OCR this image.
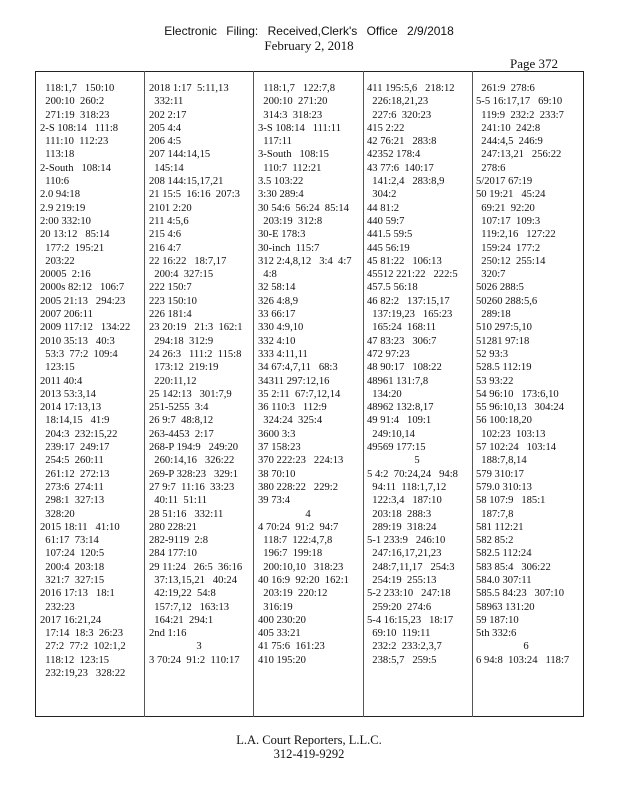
Electronic Filing: Received,Clerk's Office 2/9/2018
February 2, 2018
Page 372
118:1,7   150:10
200:10  260:2
271:19  318:23
2-S 108:14   111:8
111:10  112:23
113:18
2-South   108:14
110:6
2.0 94:18
2.9 219:19
2:00 332:10
20 13:12   85:14
177:2  195:21
203:22
20005  2:16
2000s 82:12   106:7
2005 21:13   294:23
2007 206:11
2009 117:12   134:22
2010 35:13   40:3
53:3  77:2  109:4
123:15
2011 40:4
2013 53:3,14
2014 17:13,13
18:14,15   41:9
204:3  232:15,22
239:17  249:17
254:5  260:11
261:12  272:13
273:6  274:11
298:1  327:13
328:20
2015 18:11   41:10
61:17  73:14
107:24  120:5
200:4  203:18
321:7  327:15
2016 17:13   18:1
232:23
2017 16:21,24
17:14  18:3  26:23
27:2  77:2  102:1,2
118:12  123:15
232:19,23   328:22
2018 1:17  5:11,13
332:11
202 2:17
205 4:4
206 4:5
207 144:14,15
145:14
208 144:15,17,21
21 15:5  16:16  207:3
2101 2:20
211 4:5,6
215 4:6
216 4:7
22 16:22   18:7,17
200:4  327:15
222 150:7
223 150:10
226 181:4
23 20:19   21:3  162:1
294:18  312:9
24 26:3   111:2  115:8
173:12  219:19
220:11,12
25 142:13   301:7,9
251-5255  3:4
26 9:7  48:8,12
263-4453  2:17
268-P 194:9   249:20
260:14,16   326:22
269-P 328:23   329:1
27 9:7  11:16  33:23
40:11  51:11
28 51:16   332:11
280 228:21
282-9119  2:8
284 177:10
29 11:24   26:5  36:16
37:13,15,21   40:24
42:19,22  54:8
157:7,12   163:13
164:21  294:1
2nd 1:16
3
3 70:24  91:2  110:17
118:1,7   122:7,8
200:10  271:20
314:3  318:23
3-S 108:14   111:11
117:11
3-South   108:15
110:7  112:21
3.5 103:22
3:30 289:4
30 54:6  56:24  85:14
203:19  312:8
30-E 178:3
30-inch  115:7
312 2:4,8,12   3:4  4:7
4:8
32 58:14
326 4:8,9
33 66:17
330 4:9,10
332 4:10
333 4:11,11
34 67:4,7,11   68:3
34311 297:12,16
35 2:11  67:7,12,14
36 110:3   112:9
324:24  325:4
3600 3:3
37 158:23
370 222:23   224:13
38 70:10
380 228:22   229:2
39 73:4
4
4 70:24  91:2  94:7
118:7  122:4,7,8
196:7  199:18
200:10,10   318:23
40 16:9  92:20  162:1
203:19  220:12
316:19
400 230:20
405 33:21
41 75:6  161:23
410 195:20
411 195:5,6   218:12
226:18,21,23
227:6  320:23
415 2:22
42 76:21   283:8
42352 178:4
43 77:6  140:17
141:2,4   283:8,9
304:2
44 81:2
440 59:7
441.5 59:5
445 56:19
45 81:22   106:13
45512 221:22   222:5
457.5 56:18
46 82:2   137:15,17
137:19,23   165:23
165:24  168:11
47 83:23   306:7
472 97:23
48 90:17   108:22
48961 131:7,8
134:20
48962 132:8,17
49 91:4   109:1
249:10,14
49569 177:15
5
5 4:2  70:24,24   94:8
94:11  118:1,7,12
122:3,4   187:10
203:18  288:3
289:19  318:24
5-1 233:9   246:10
247:16,17,21,23
248:7,11,17   254:3
254:19  255:13
5-2 233:10   247:18
259:20  274:6
5-4 16:15,23   18:17
69:10  119:11
232:2  233:2,3,7
238:5,7   259:5
261:9  278:6
5-5 16:17,17   69:10
119:9  232:2  233:7
241:10  242:8
244:4,5  246:9
247:13,21   256:22
278:6
5/2017 67:19
50 19:21   45:24
69:21  92:20
107:17  109:3
119:2,16   127:22
159:24  177:2
250:12  255:14
320:7
5026 288:5
50260 288:5,6
289:18
510 297:5,10
51281 97:18
52 93:3
528.5 112:19
53 93:22
54 96:10   173:6,10
55 96:10,13   304:24
56 100:18,20
102:23  103:13
57 102:24   103:14
188:7,8,14
579 310:17
579.0 310:13
58 107:9   185:1
187:7,8
581 112:21
582 85:2
582.5 112:24
583 85:4   306:22
584.0 307:11
585.5 84:23   307:10
58963 131:20
59 187:10
5th 332:6
6
6 94:8  103:24   118:7
L.A. Court Reporters, L.L.C.
312-419-9292
